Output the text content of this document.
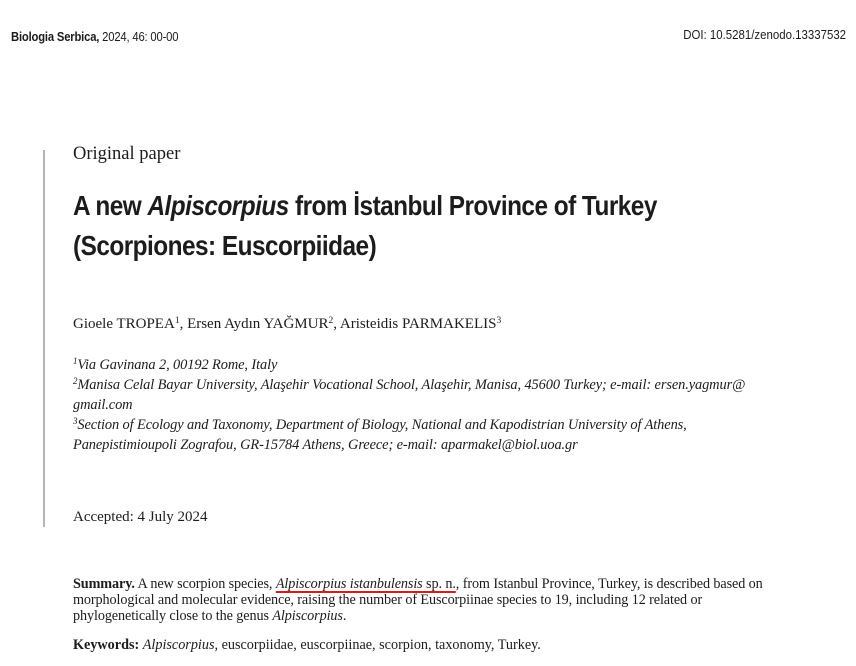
Biologia Serbica, 2024, 46: 00-00	DOI: 10.5281/zenodo.13337532
Original paper
A new Alpiscorpius from İstanbul Province of Turkey
(Scorpiones: Euscorpiidae)
Gioele TROPEA$^1$, Ersen Aydın YAĞMUR$^2$, Aristeidis PARMAKELIS$^3$
$^1$Via Gavinana 2, 00192 Rome, Italy
$^2$Manisa Celal Bayar University, Alaşehir Vocational School, Alaşehir, Manisa, 45600 Turkey; e-mail: ersen.yagmur@ gmail.com
$^3$Section of Ecology and Taxonomy, Department of Biology, National and Kapodistrian University of Athens, Panepistimioupoli Zografou, GR-15784 Athens, Greece; e-mail: aparmakel@biol.uoa.gr
Accepted: 4 July 2024
Summary. A new scorpion species, Alpiscorpius istanbulensis sp. n., from Istanbul Province, Turkey, is described based on morphological and molecular evidence, raising the number of Euscorpiinae species to 19, including 12 related or phylogenetically close to the genus Alpiscorpius.
Keywords: Alpiscorpius, euscorpiidae, euscorpiinae, scorpion, taxonomy, Turkey.
